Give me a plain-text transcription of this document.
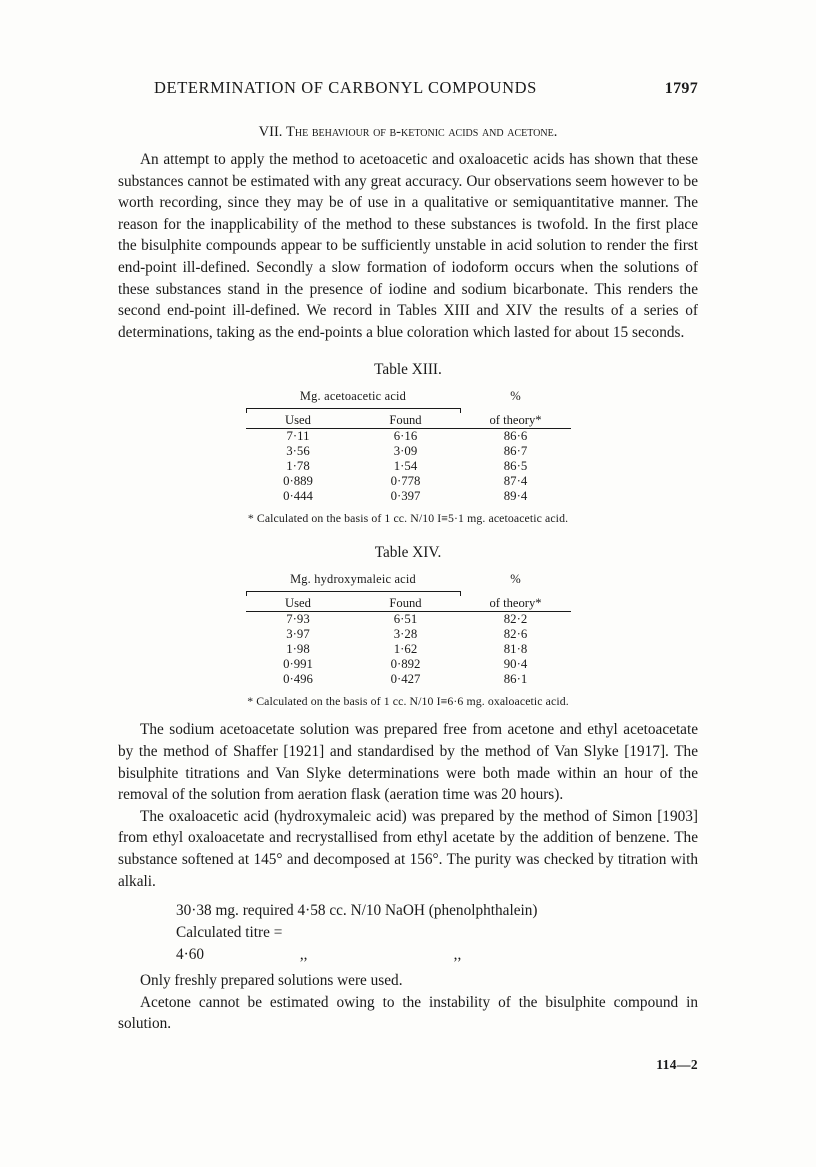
DETERMINATION OF CARBONYL COMPOUNDS	1797
VII. The behaviour of β-ketonic acids and acetone.

An attempt to apply the method to acetoacetic and oxaloacetic acids has shown that these substances cannot be estimated with any great accuracy. Our observations seem however to be worth recording, since they may be of use in a qualitative or semiquantitative manner. The reason for the inapplicability of the method to these substances is twofold. In the first place the bisulphite compounds appear to be sufficiently unstable in acid solution to render the first end-point ill-defined. Secondly a slow formation of iodoform occurs when the solutions of these substances stand in the presence of iodine and sodium bicarbonate. This renders the second end-point ill-defined. We record in Tables XIII and XIV the results of a series of determinations, taking as the end-points a blue coloration which lasted for about 15 seconds.

Table XIII.
Mg. acetoacetic acid		%

Used	Found	of theory*
7·11	6·16	86·6
3·56	3·09	86·7
1·78	1·54	86·5
0·889	0·778	87·4
0·444	0·397	89·4
* Calculated on the basis of 1 cc. N/10 I≡5·1 mg. acetoacetic acid.
Table XIV.
Mg. hydroxymaleic acid		%

Used	Found	of theory*
7·93	6·51	82·2
3·97	3·28	82·6
1·98	1·62	81·8
0·991	0·892	90·4
0·496	0·427	86·1
* Calculated on the basis of 1 cc. N/10 I≡6·6 mg. oxaloacetic acid.

The sodium acetoacetate solution was prepared free from acetone and ethyl acetoacetate by the method of Shaffer [1921] and standardised by the method of Van Slyke [1917]. The bisulphite titrations and Van Slyke determinations were both made within an hour of the removal of the solution from aeration flask (aeration time was 20 hours).

The oxaloacetic acid (hydroxymaleic acid) was prepared by the method of Simon [1903] from ethyl oxaloacetate and recrystallised from ethyl acetate by the addition of benzene. The substance softened at 145° and decomposed at 156°. The purity was checked by titration with alkali.

30·38 mg. required 4·58 cc. N/10 NaOH (phenolphthalein)
Calculated titre = 4·60	,,	,,

Only freshly prepared solutions were used.

Acetone cannot be estimated owing to the instability of the bisulphite compound in solution.

114—2
